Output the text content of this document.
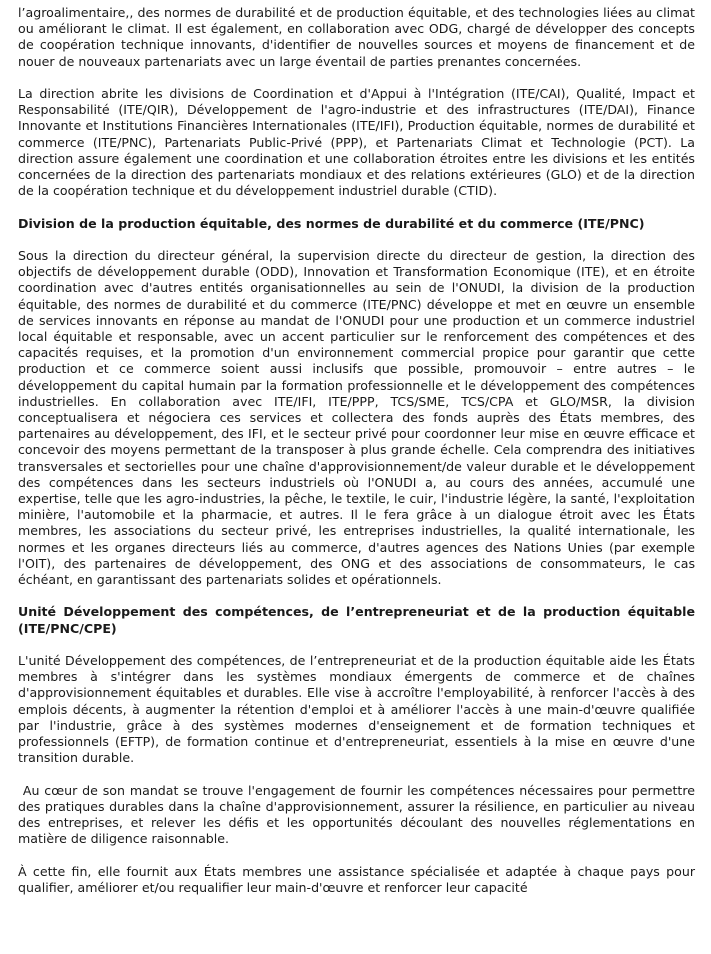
l’agroalimentaire,, des normes de durabilité et de production équitable, et des technologies liées au climat ou améliorant le climat. Il est également, en collaboration avec ODG, chargé de développer des concepts de coopération technique innovants, d'identifier de nouvelles sources et moyens de financement et de nouer de nouveaux partenariats avec un large éventail de parties prenantes concernées.

La direction abrite les divisions de Coordination et d'Appui à l'Intégration (ITE/CAI), Qualité, Impact et Responsabilité (ITE/QIR), Développement de l'agro-industrie et des infrastructures (ITE/DAI), Finance Innovante et Institutions Financières Internationales (ITE/IFI), Production équitable, normes de durabilité et commerce (ITE/PNC), Partenariats Public-Privé (PPP), et Partenariats Climat et Technologie (PCT). La direction assure également une coordination et une collaboration étroites entre les divisions et les entités concernées de la direction des partenariats mondiaux et des relations extérieures (GLO) et de la direction de la coopération technique et du développement industriel durable (CTID).

Division de la production équitable, des normes de durabilité et du commerce (ITE/PNC)

Sous la direction du directeur général, la supervision directe du directeur de gestion, la direction des objectifs de développement durable (ODD), Innovation et Transformation Economique (ITE), et en étroite coordination avec d'autres entités organisationnelles au sein de l'ONUDI, la division de la production équitable, des normes de durabilité et du commerce (ITE/PNC) développe et met en œuvre un ensemble de services innovants en réponse au mandat de l'ONUDI pour une production et un commerce industriel local équitable et responsable, avec un accent particulier sur le renforcement des compétences et des capacités requises, et la promotion d'un environnement commercial propice pour garantir que cette production et ce commerce soient aussi inclusifs que possible, promouvoir – entre autres – le développement du capital humain par la formation professionnelle et le développement des compétences industrielles. En collaboration avec ITE/IFI, ITE/PPP, TCS/SME, TCS/CPA et GLO/MSR, la division conceptualisera et négociera ces services et collectera des fonds auprès des États membres, des partenaires au développement, des IFI, et le secteur privé pour coordonner leur mise en œuvre efficace et concevoir des moyens permettant de la transposer à plus grande échelle. Cela comprendra des initiatives transversales et sectorielles pour une chaîne d'approvisionnement/de valeur durable et le développement des compétences dans les secteurs industriels où l'ONUDI a, au cours des années, accumulé une expertise, telle que les agro-industries, la pêche, le textile, le cuir, l'industrie légère, la santé, l'exploitation minière, l'automobile et la pharmacie, et autres. Il le fera grâce à un dialogue étroit avec les États membres, les associations du secteur privé, les entreprises industrielles, la qualité internationale, les normes et les organes directeurs liés au commerce, d'autres agences des Nations Unies (par exemple l'OIT), des partenaires de développement, des ONG et des associations de consommateurs, le cas échéant, en garantissant des partenariats solides et opérationnels.

Unité Développement des compétences, de l’entrepreneuriat et de la production équitable (ITE/PNC/CPE)

L'unité Développement des compétences, de l’entrepreneuriat et de la production équitable aide les États membres à s'intégrer dans les systèmes mondiaux émergents de commerce et de chaînes d'approvisionnement équitables et durables. Elle vise à accroître l'employabilité, à renforcer l'accès à des emplois décents, à augmenter la rétention d'emploi et à améliorer l'accès à une main-d'œuvre qualifiée par l'industrie, grâce à des systèmes modernes d'enseignement et de formation techniques et professionnels (EFTP), de formation continue et d'entrepreneuriat, essentiels à la mise en œuvre d'une transition durable.

Au cœur de son mandat se trouve l'engagement de fournir les compétences nécessaires pour permettre des pratiques durables dans la chaîne d'approvisionnement, assurer la résilience, en particulier au niveau des entreprises, et relever les défis et les opportunités découlant des nouvelles réglementations en matière de diligence raisonnable.

À cette fin, elle fournit aux États membres une assistance spécialisée et adaptée à chaque pays pour qualifier, améliorer et/ou requalifier leur main-d'œuvre et renforcer leur capacité
